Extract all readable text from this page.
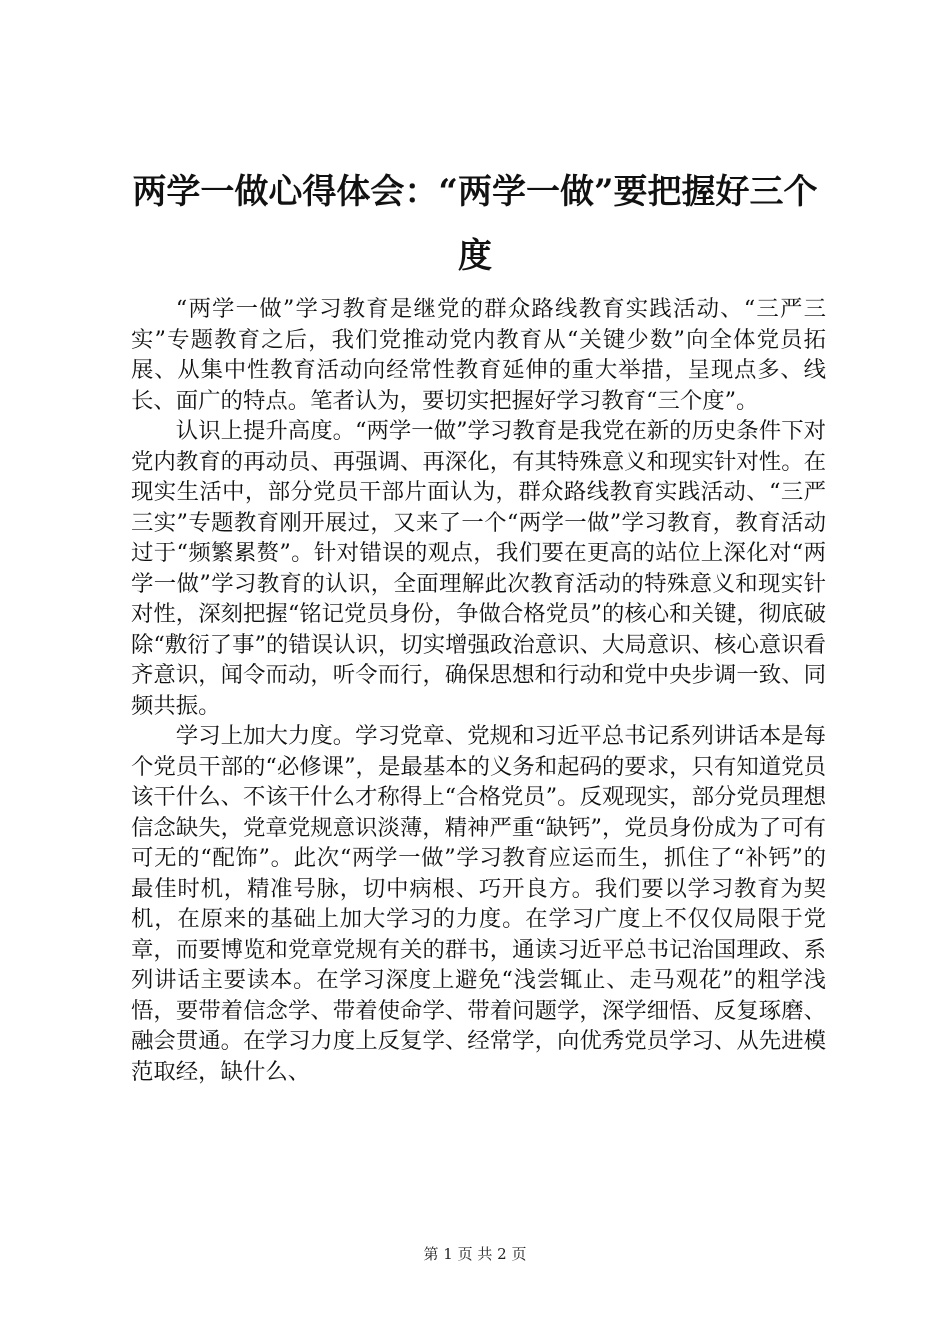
两学一做心得体会：“两学一做”要把握好三个度

“两学一做”学习教育是继党的群众路线教育实践活动、“三严三实”专题教育之后，我们党推动党内教育从“关键少数”向全体党员拓展、从集中性教育活动向经常性教育延伸的重大举措，呈现点多、线长、面广的特点。笔者认为，要切实把握好学习教育“三个度”。

认识上提升高度。“两学一做”学习教育是我党在新的历史条件下对党内教育的再动员、再强调、再深化，有其特殊意义和现实针对性。在现实生活中，部分党员干部片面认为，群众路线教育实践活动、“三严三实”专题教育刚开展过，又来了一个“两学一做”学习教育，教育活动过于“频繁累赘”。针对错误的观点，我们要在更高的站位上深化对“两学一做”学习教育的认识，全面理解此次教育活动的特殊意义和现实针对性，深刻把握“铭记党员身份，争做合格党员”的核心和关键，彻底破除“敷衍了事”的错误认识，切实增强政治意识、大局意识、核心意识看齐意识，闻令而动，听令而行，确保思想和行动和党中央步调一致、同频共振。

学习上加大力度。学习党章、党规和习近平总书记系列讲话本是每个党员干部的“必修课”，是最基本的义务和起码的要求，只有知道党员该干什么、不该干什么才称得上“合格党员”。反观现实，部分党员理想信念缺失，党章党规意识淡薄，精神严重“缺钙”，党员身份成为了可有可无的“配饰”。此次“两学一做”学习教育应运而生，抓住了“补钙”的最佳时机，精准号脉，切中病根、巧开良方。我们要以学习教育为契机，在原来的基础上加大学习的力度。在学习广度上不仅仅局限于党章，而要博览和党章党规有关的群书，通读习近平总书记治国理政、系列讲话主要读本。在学习深度上避免“浅尝辄止、走马观花”的粗学浅悟，要带着信念学、带着使命学、带着问题学，深学细悟、反复琢磨、融会贯通。在学习力度上反复学、经常学，向优秀党员学习、从先进模范取经，缺什么、

第 1 页 共 2 页
